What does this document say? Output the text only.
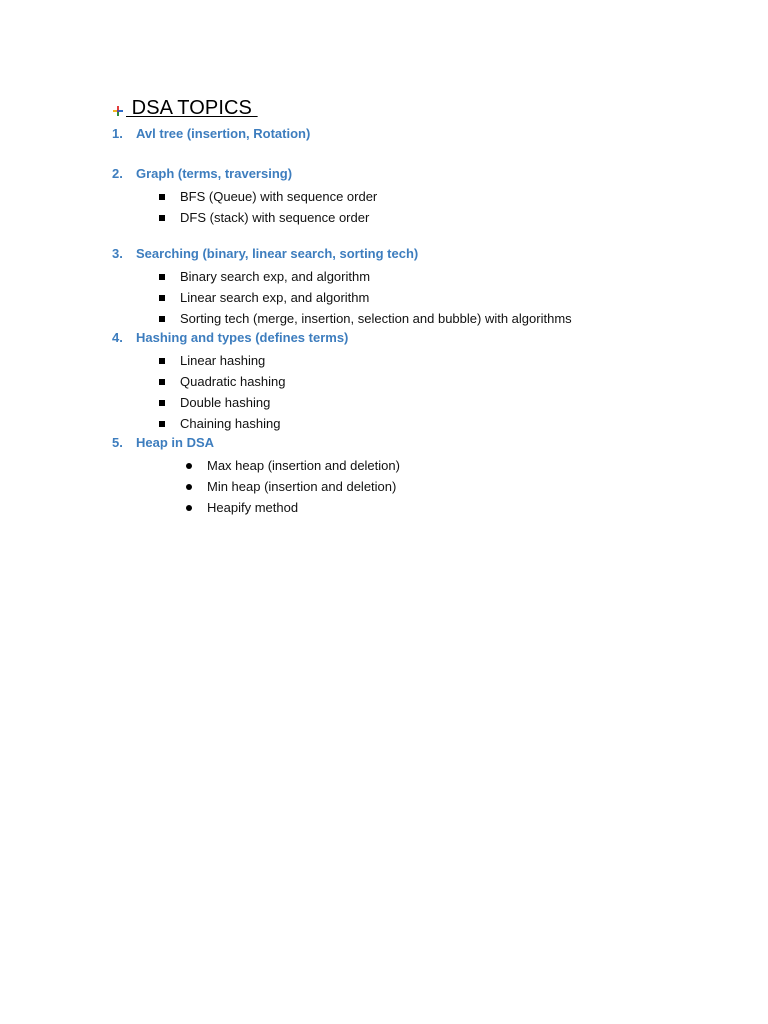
DSA TOPICS
1.	Avl tree (insertion, Rotation)
2.	Graph (terms, traversing)
BFS (Queue) with sequence order
DFS (stack) with sequence order
3.	Searching (binary, linear search, sorting tech)
Binary search exp, and algorithm
Linear search exp, and algorithm
Sorting tech (merge, insertion, selection and bubble) with algorithms
4.	Hashing and types (defines terms)
Linear hashing
Quadratic hashing
Double hashing
Chaining hashing
5.	Heap in DSA
Max heap (insertion and deletion)
Min heap (insertion and deletion)
Heapify method
